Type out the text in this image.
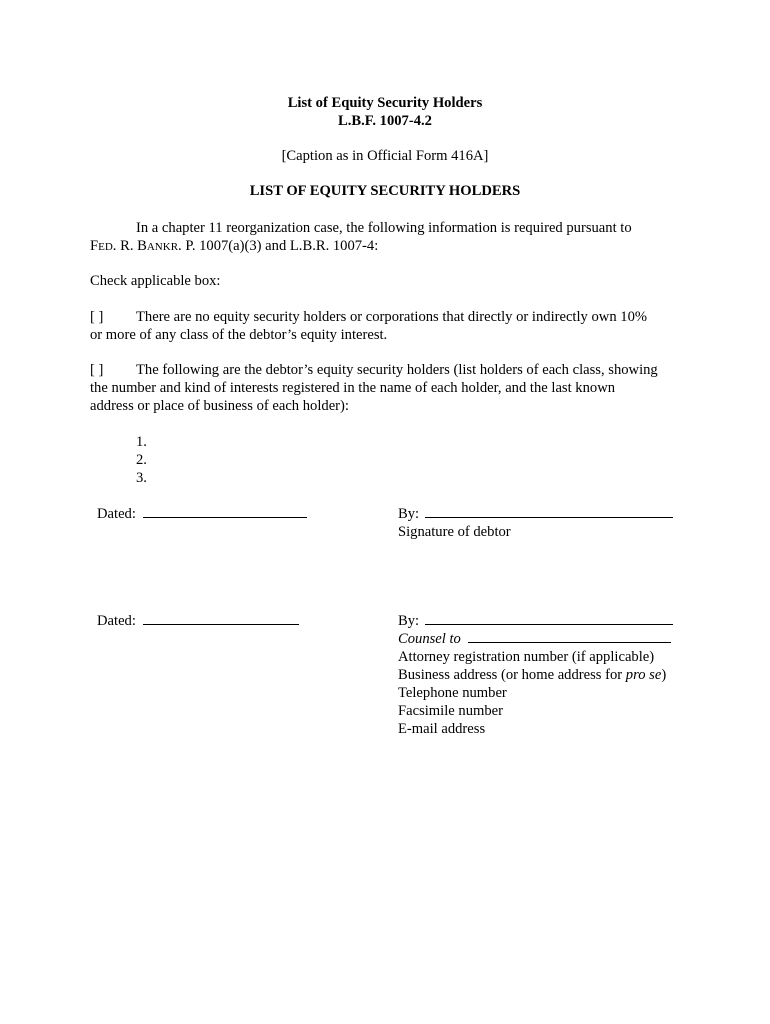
List of Equity Security Holders
L.B.F. 1007-4.2
[Caption as in Official Form 416A]
LIST OF EQUITY SECURITY HOLDERS
In a chapter 11 reorganization case, the following information is required pursuant to
FED. R. BANKR. P. 1007(a)(3) and L.B.R. 1007-4:
Check applicable box:
[ ] There are no equity security holders or corporations that directly or indirectly own 10%
or more of any class of the debtor’s equity interest.
[ ] The following are the debtor’s equity security holders (list holders of each class, showing
the number and kind of interests registered in the name of each holder, and the last known
address or place of business of each holder):
1.
2.
3.
Dated:	By:
Signature of debtor
Dated:	By:
Counsel to
Attorney registration number (if applicable)
Business address (or home address for pro se)
Telephone number
Facsimile number
E-mail address
